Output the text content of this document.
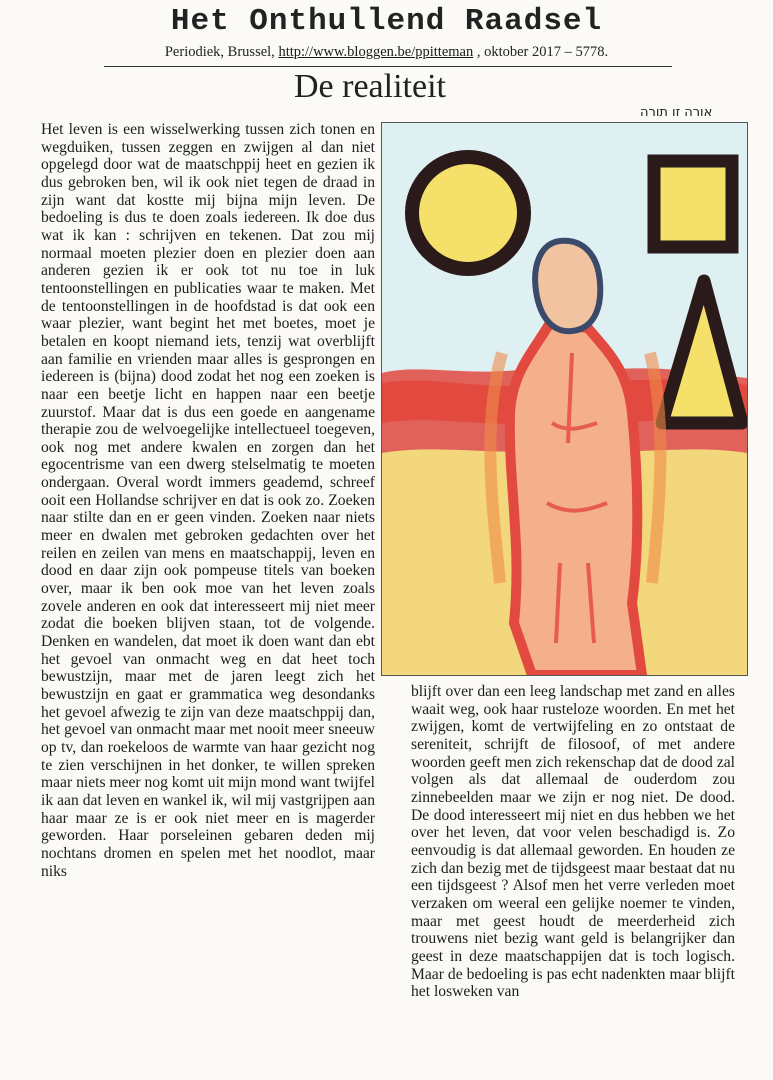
Het Onthullend Raadsel
Periodiek, Brussel, http://www.bloggen.be/ppitteman , oktober 2017 – 5778.
De realiteit
אורה זו תורה
Het leven is een wisselwerking tussen zich tonen en wegduiken, tussen zeggen en zwijgen al dan niet opgelegd door wat de maatschppij heet en gezien ik dus gebroken ben, wil ik ook niet tegen de draad in zijn want dat kostte mij bijna mijn leven. De bedoeling is dus te doen zoals iedereen. Ik doe dus wat ik kan : schrijven en tekenen. Dat zou mij normaal moeten plezier doen en plezier doen aan anderen gezien ik er ook tot nu toe in luk tentoonstellingen en publicaties waar te maken. Met de tentoonstellingen in de hoofdstad is dat ook een waar plezier, want begint het met boetes, moet je betalen en koopt niemand iets, tenzij wat overblijft aan familie en vrienden maar alles is gesprongen en iedereen is (bijna) dood zodat het nog een zoeken is naar een beetje licht en happen naar een beetje zuurstof. Maar dat is dus een goede en aangename therapie zou de welvoegelijke intellectueel toegeven, ook nog met andere kwalen en zorgen dan het egocentrisme van een dwerg stelselmatig te moeten ondergaan. Overal wordt immers geademd, schreef ooit een Hollandse schrijver en dat is ook zo. Zoeken naar stilte dan en er geen vinden. Zoeken naar niets meer en dwalen met gebroken gedachten over het reilen en zeilen van mens en maatschappij, leven en dood en daar zijn ook pompeuse titels van boeken over, maar ik ben ook moe van het leven zoals zovele anderen en ook dat interesseert mij niet meer zodat die boeken blijven staan, tot de volgende. Denken en wandelen, dat moet ik doen want dan ebt het gevoel van onmacht weg en dat heet toch bewustzijn, maar met de jaren leegt zich het bewustzijn en gaat er grammatica weg desondanks het gevoel afwezig te zijn van deze maatschppij dan, het gevoel van onmacht maar met nooit meer sneeuw op tv, dan roekeloos de warmte van haar gezicht nog te zien verschijnen in het donker, te willen spreken maar niets meer nog komt uit mijn mond want twijfel ik aan dat leven en wankel ik, wil mij vastgrijpen aan haar maar ze is er ook niet meer en is magerder geworden. Haar porseleinen gebaren deden mij nochtans dromen en spelen met het noodlot, maar niks
blijft over dan een leeg landschap met zand en alles waait weg, ook haar rusteloze woorden. En met het zwijgen, komt de vertwijfeling en zo ontstaat de sereniteit, schrijft de filosoof, of met andere woorden geeft men zich rekenschap dat de dood zal volgen als dat allemaal de ouderdom zou zinnebeelden maar we zijn er nog niet. De dood. De dood interesseert mij niet en dus hebben we het over het leven, dat voor velen beschadigd is. Zo eenvoudig is dat allemaal geworden. En houden ze zich dan bezig met de tijdsgeest maar bestaat dat nu een tijdsgeest ? Alsof men het verre verleden moet verzaken om weeral een gelijke noemer te vinden, maar met geest houdt de meerderheid zich trouwens niet bezig want geld is belangrijker dan geest in deze maatschappijen dat is toch logisch. Maar de bedoeling is pas echt nadenkten maar blijft het losweken van
